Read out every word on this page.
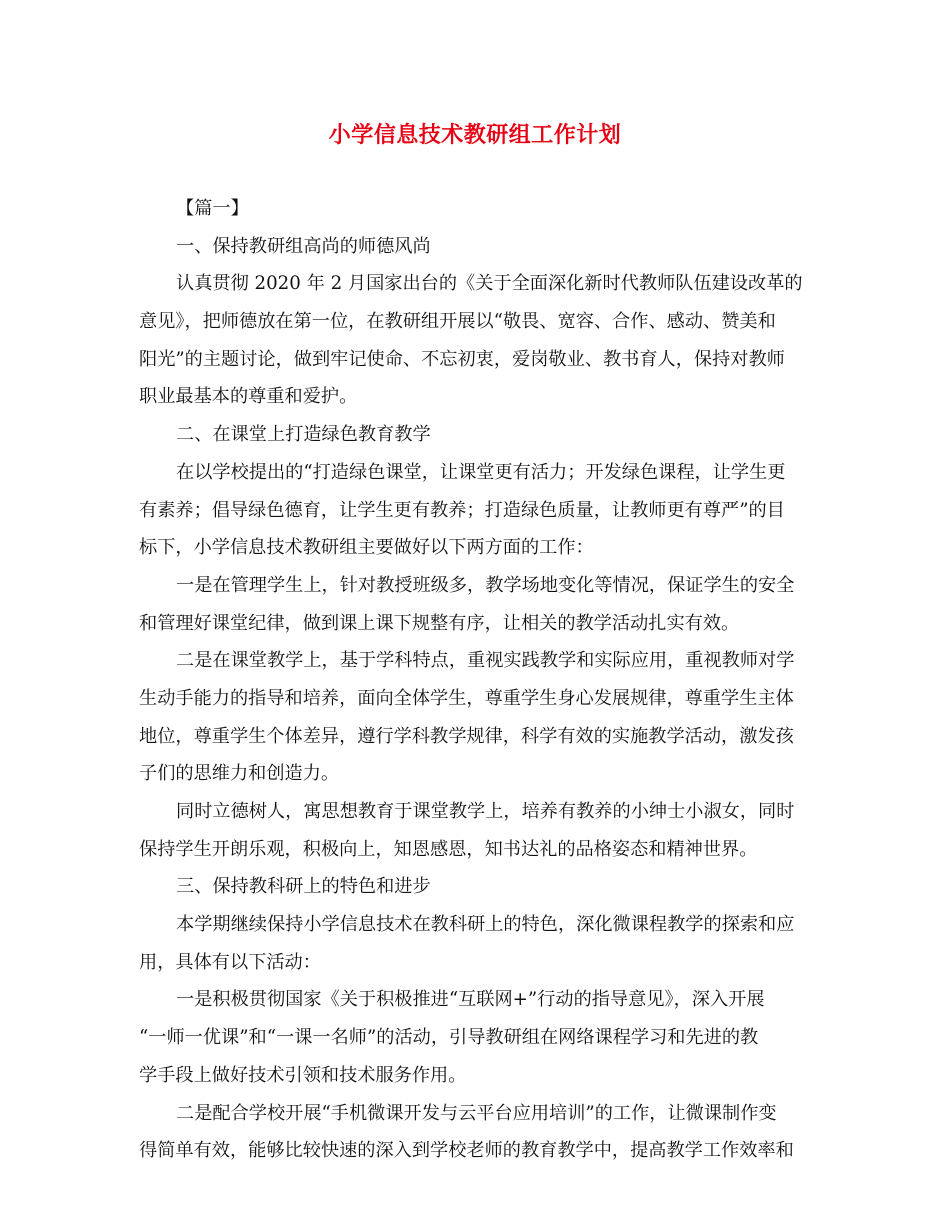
小学信息技术教研组工作计划
【篇一】
一、保持教研组高尚的师德风尚
认真贯彻 2020 年 2 月国家出台的《关于全面深化新时代教师队伍建设改革的
意见》，把师德放在第一位，在教研组开展以“敬畏、宽容、合作、感动、赞美和
阳光”的主题讨论，做到牢记使命、不忘初衷，爱岗敬业、教书育人，保持对教师
职业最基本的尊重和爱护。
二、在课堂上打造绿色教育教学
在以学校提出的“打造绿色课堂，让课堂更有活力；开发绿色课程，让学生更
有素养；倡导绿色德育，让学生更有教养；打造绿色质量，让教师更有尊严”的目
标下，小学信息技术教研组主要做好以下两方面的工作：
一是在管理学生上，针对教授班级多，教学场地变化等情况，保证学生的安全
和管理好课堂纪律，做到课上课下规整有序，让相关的教学活动扎实有效。
二是在课堂教学上，基于学科特点，重视实践教学和实际应用，重视教师对学
生动手能力的指导和培养，面向全体学生，尊重学生身心发展规律，尊重学生主体
地位，尊重学生个体差异，遵行学科教学规律，科学有效的实施教学活动，激发孩
子们的思维力和创造力。
同时立德树人，寓思想教育于课堂教学上，培养有教养的小绅士小淑女，同时
保持学生开朗乐观，积极向上，知恩感恩，知书达礼的品格姿态和精神世界。
三、保持教科研上的特色和进步
本学期继续保持小学信息技术在教科研上的特色，深化微课程教学的探索和应
用，具体有以下活动：
一是积极贯彻国家《关于积极推进“互联网+”行动的指导意见》，深入开展
“一师一优课”和“一课一名师”的活动，引导教研组在网络课程学习和先进的教
学手段上做好技术引领和技术服务作用。
二是配合学校开展“手机微课开发与云平台应用培训”的工作，让微课制作变
得简单有效，能够比较快速的深入到学校老师的教育教学中，提高教学工作效率和
